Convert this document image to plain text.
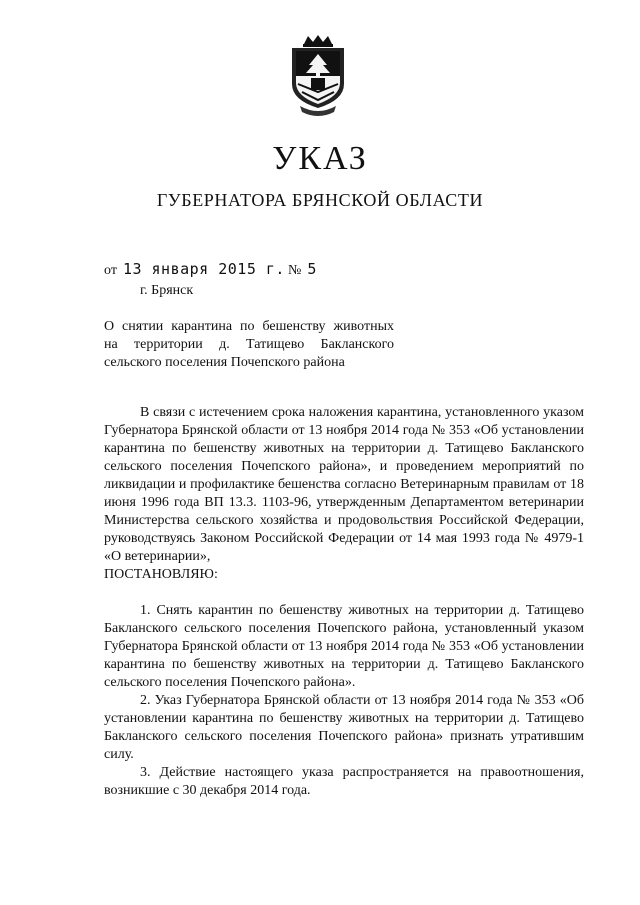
УКАЗ
ГУБЕРНАТОРА БРЯНСКОЙ ОБЛАСТИ
от 13 января 2015 г. № 5
г. Брянск

О снятии карантина по бешенству животных

на территории д. Татищево Бакланского

сельского поселения Почепского района

В связи с истечением срока наложения карантина, установленного указом Губернатора Брянской области от 13 ноября 2014 года № 353 «Об установлении карантина по бешенству животных на территории д. Татищево Бакланского сельского поселения Почепского района», и проведением мероприятий по ликвидации и профилактике бешенства согласно Ветеринарным правилам от 18 июня 1996 года ВП 13.3. 1103-96, утвержденным Департаментом ветеринарии Министерства сельского хозяйства и продовольствия Российской Федерации, руководствуясь Законом Российской Федерации от 14 мая 1993 года № 4979-1 «О ветеринарии»,

ПОСТАНОВЛЯЮ:

1. Снять карантин по бешенству животных на территории д. Татищево Бакланского сельского поселения Почепского района, установленный указом Губернатора Брянской области от 13 ноября 2014 года № 353 «Об установлении карантина по бешенству животных на территории д. Татищево Бакланского сельского поселения Почепского района».

2. Указ Губернатора Брянской области от 13 ноября 2014 года № 353 «Об установлении карантина по бешенству животных на территории д. Татищево Бакланского сельского поселения Почепского района» признать утратившим силу.

3. Действие настоящего указа распространяется на правоотношения, возникшие с 30 декабря 2014 года.
